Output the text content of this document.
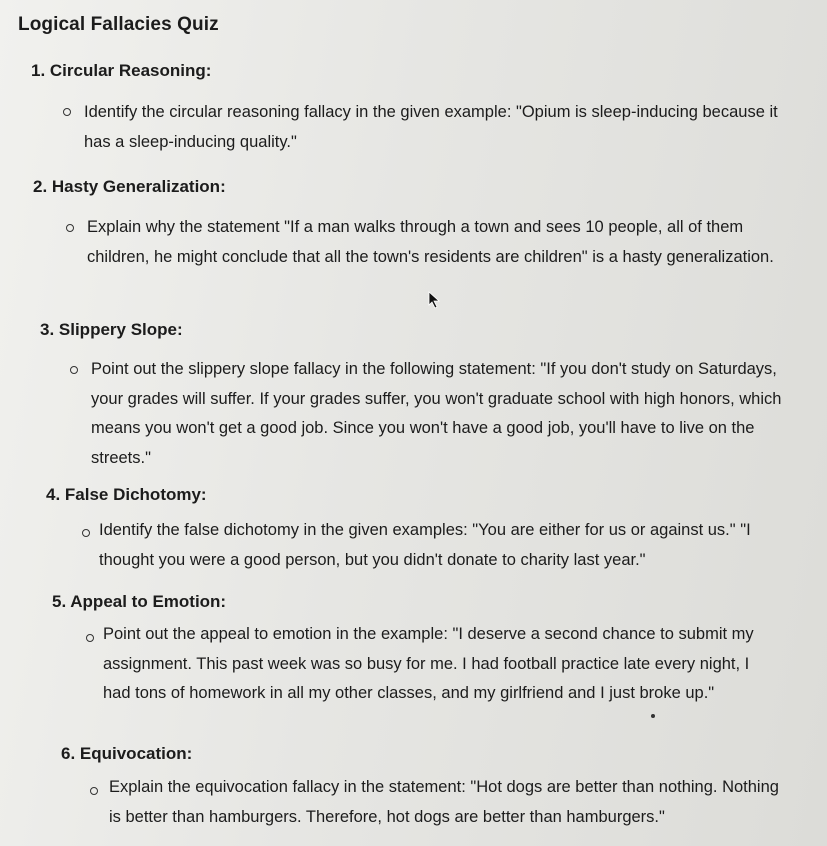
Logical Fallacies Quiz
1. Circular Reasoning:
Identify the circular reasoning fallacy in the given example: "Opium is sleep-inducing because it has a sleep-inducing quality."
2. Hasty Generalization:
Explain why the statement "If a man walks through a town and sees 10 people, all of them children, he might conclude that all the town's residents are children" is a hasty generalization.
3. Slippery Slope:
Point out the slippery slope fallacy in the following statement: "If you don't study on Saturdays, your grades will suffer. If your grades suffer, you won't graduate school with high honors, which means you won't get a good job. Since you won't have a good job, you'll have to live on the streets."
4. False Dichotomy:
Identify the false dichotomy in the given examples: "You are either for us or against us." "I thought you were a good person, but you didn't donate to charity last year."
5. Appeal to Emotion:
Point out the appeal to emotion in the example: "I deserve a second chance to submit my assignment. This past week was so busy for me. I had football practice late every night, I had tons of homework in all my other classes, and my girlfriend and I just broke up."
6. Equivocation:
Explain the equivocation fallacy in the statement: "Hot dogs are better than nothing. Nothing is better than hamburgers. Therefore, hot dogs are better than hamburgers."
